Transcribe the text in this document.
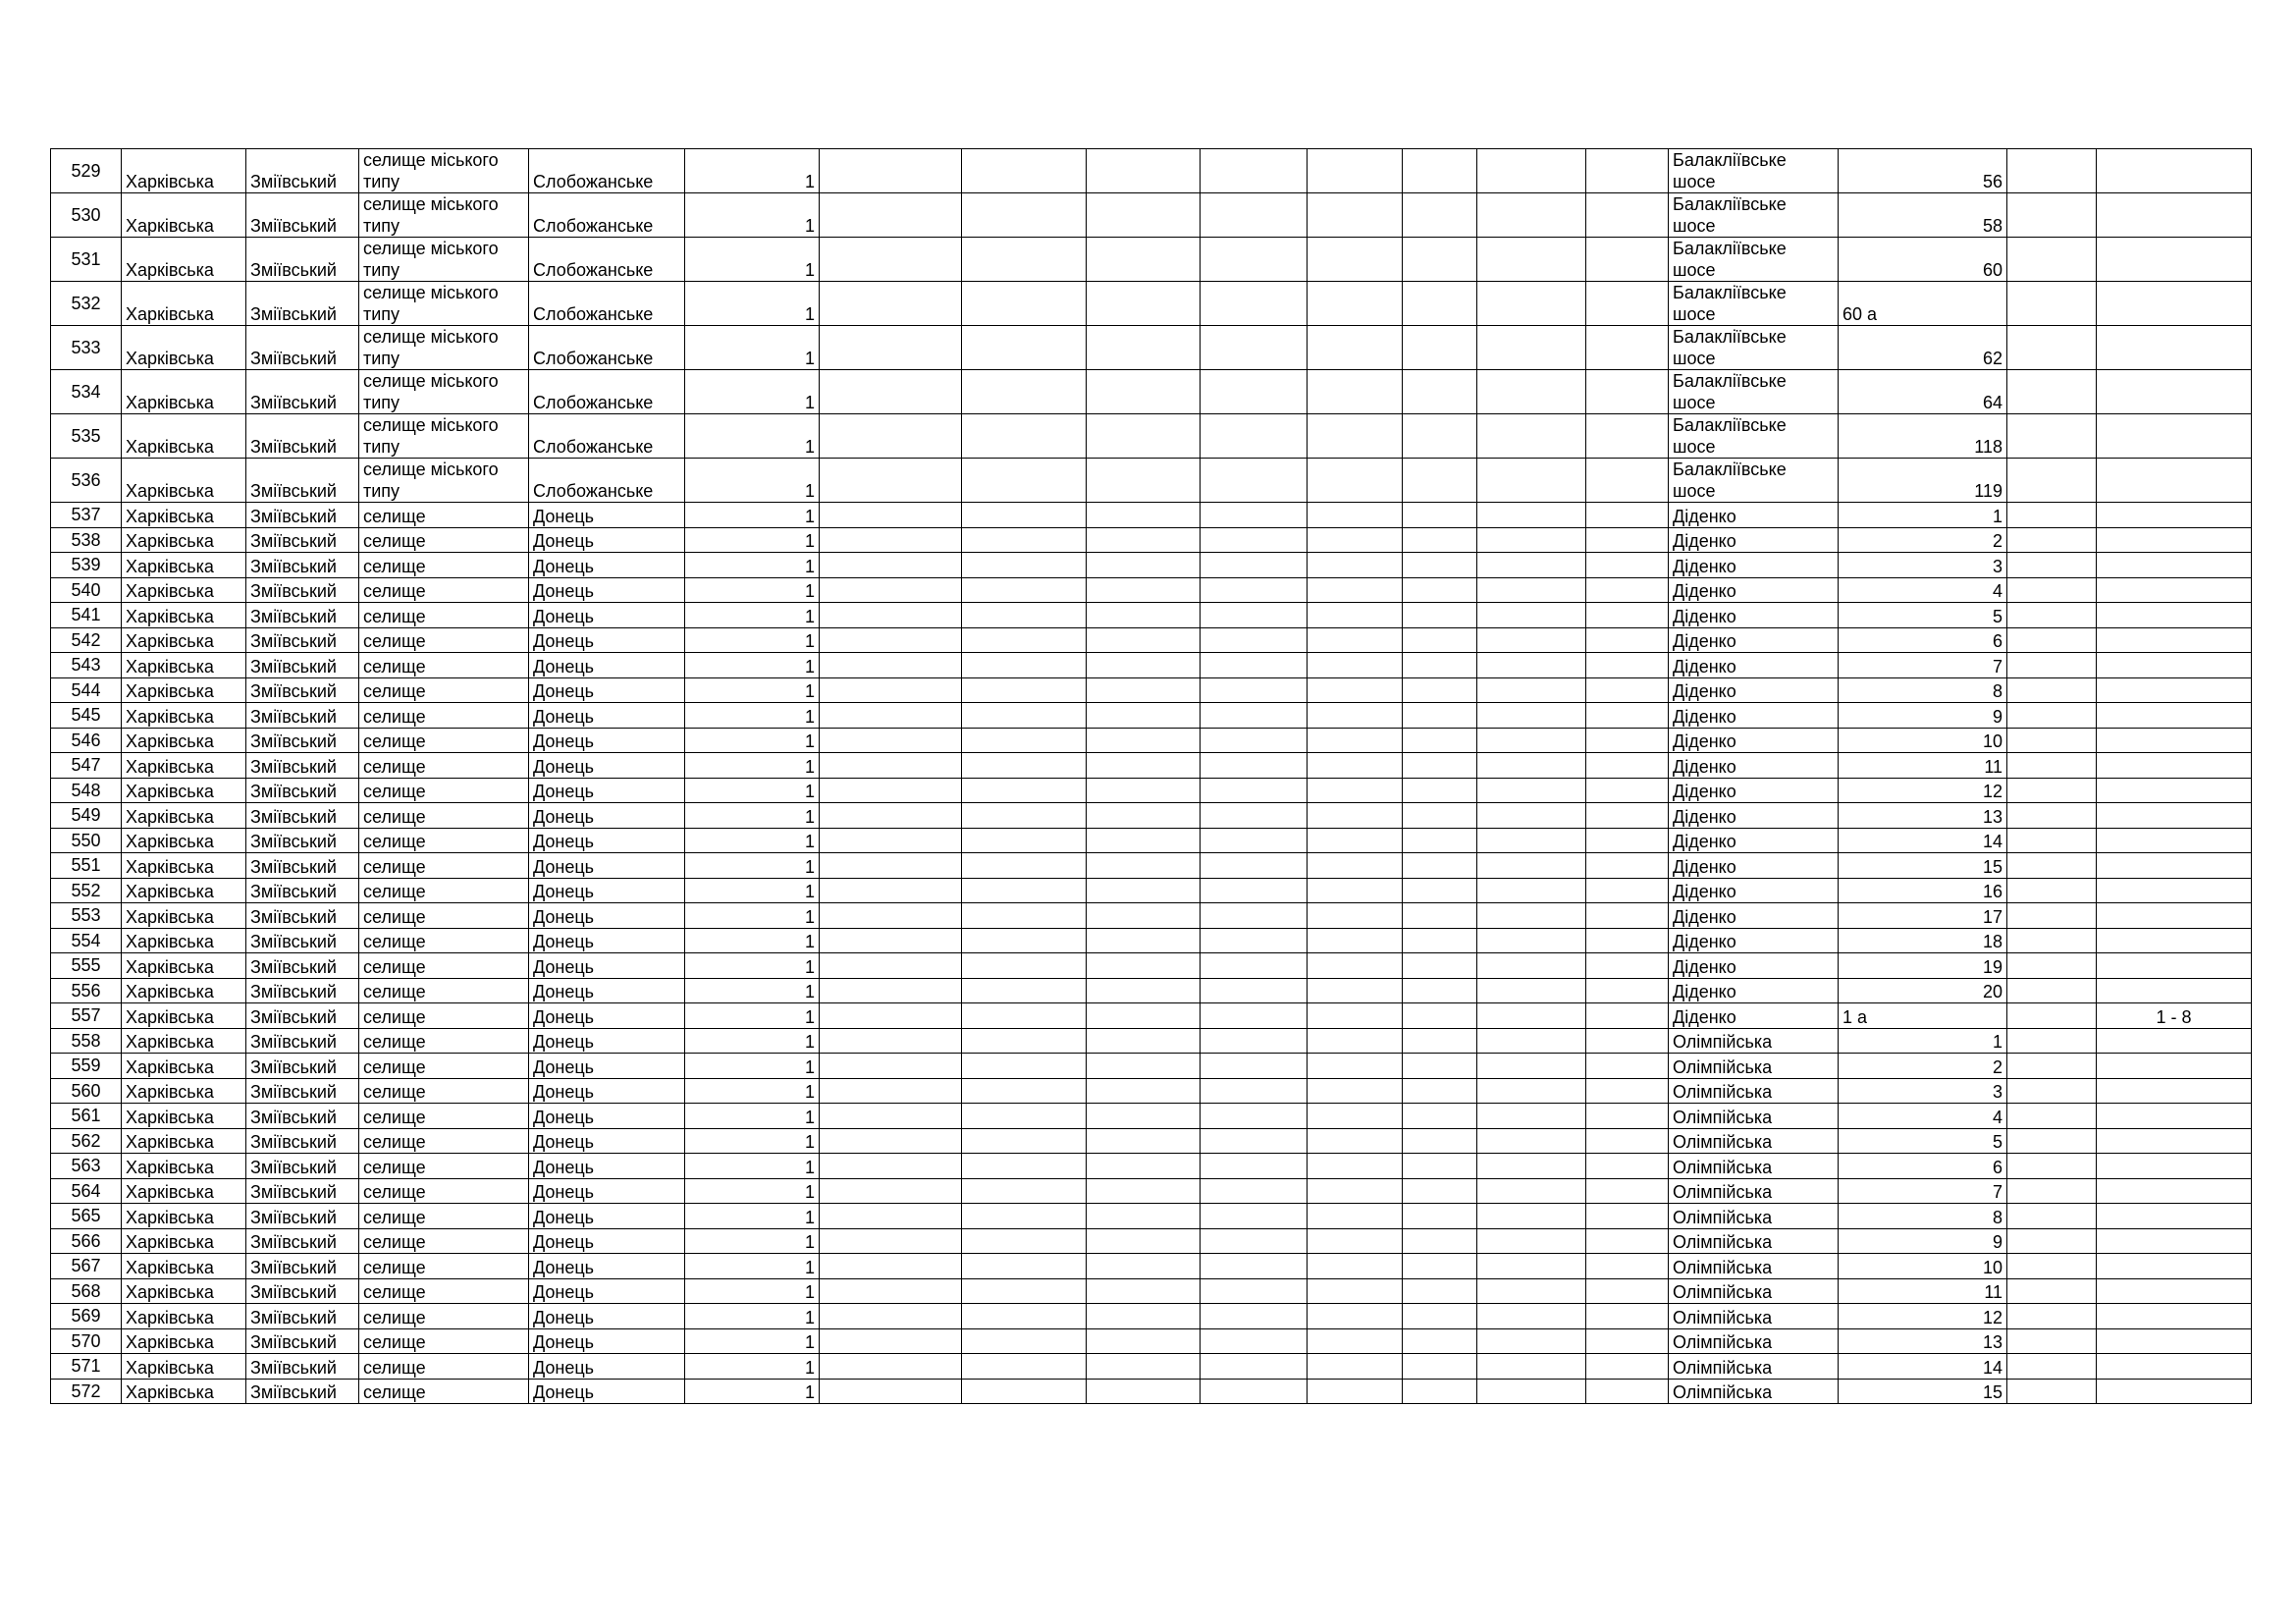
529	Харківська	Зміївський	селище міського типу	Слобожанське	1									Балакліївське шосе	56		
530	Харківська	Зміївський	селище міського типу	Слобожанське	1									Балакліївське шосе	58		
531	Харківська	Зміївський	селище міського типу	Слобожанське	1									Балакліївське шосе	60		
532	Харківська	Зміївський	селище міського типу	Слобожанське	1									Балакліївське шосе	60 а		
533	Харківська	Зміївський	селище міського типу	Слобожанське	1									Балакліївське шосе	62		
534	Харківська	Зміївський	селище міського типу	Слобожанське	1									Балакліївське шосе	64		
535	Харківська	Зміївський	селище міського типу	Слобожанське	1									Балакліївське шосе	118		
536	Харківська	Зміївський	селище міського типу	Слобожанське	1									Балакліївське шосе	119		
537	Харківська	Зміївський	селище	Донець	1									Діденко	1		
538	Харківська	Зміївський	селище	Донець	1									Діденко	2		
539	Харківська	Зміївський	селище	Донець	1									Діденко	3		
540	Харківська	Зміївський	селище	Донець	1									Діденко	4		
541	Харківська	Зміївський	селище	Донець	1									Діденко	5		
542	Харківська	Зміївський	селище	Донець	1									Діденко	6		
543	Харківська	Зміївський	селище	Донець	1									Діденко	7		
544	Харківська	Зміївський	селище	Донець	1									Діденко	8		
545	Харківська	Зміївський	селище	Донець	1									Діденко	9		
546	Харківська	Зміївський	селище	Донець	1									Діденко	10		
547	Харківська	Зміївський	селище	Донець	1									Діденко	11		
548	Харківська	Зміївський	селище	Донець	1									Діденко	12		
549	Харківська	Зміївський	селище	Донець	1									Діденко	13		
550	Харківська	Зміївський	селище	Донець	1									Діденко	14		
551	Харківська	Зміївський	селище	Донець	1									Діденко	15		
552	Харківська	Зміївський	селище	Донець	1									Діденко	16		
553	Харківська	Зміївський	селище	Донець	1									Діденко	17		
554	Харківська	Зміївський	селище	Донець	1									Діденко	18		
555	Харківська	Зміївський	селище	Донець	1									Діденко	19		
556	Харківська	Зміївський	селище	Донець	1									Діденко	20		
557	Харківська	Зміївський	селище	Донець	1									Діденко	1 а		1 - 8
558	Харківська	Зміївський	селище	Донець	1									Олімпійська	1		
559	Харківська	Зміївський	селище	Донець	1									Олімпійська	2		
560	Харківська	Зміївський	селище	Донець	1									Олімпійська	3		
561	Харківська	Зміївський	селище	Донець	1									Олімпійська	4		
562	Харківська	Зміївський	селище	Донець	1									Олімпійська	5		
563	Харківська	Зміївський	селище	Донець	1									Олімпійська	6		
564	Харківська	Зміївський	селище	Донець	1									Олімпійська	7		
565	Харківська	Зміївський	селище	Донець	1									Олімпійська	8		
566	Харківська	Зміївський	селище	Донець	1									Олімпійська	9		
567	Харківська	Зміївський	селище	Донець	1									Олімпійська	10		
568	Харківська	Зміївський	селище	Донець	1									Олімпійська	11		
569	Харківська	Зміївський	селище	Донець	1									Олімпійська	12		
570	Харківська	Зміївський	селище	Донець	1									Олімпійська	13		
571	Харківська	Зміївський	селище	Донець	1									Олімпійська	14		
572	Харківська	Зміївський	селище	Донець	1									Олімпійська	15		
